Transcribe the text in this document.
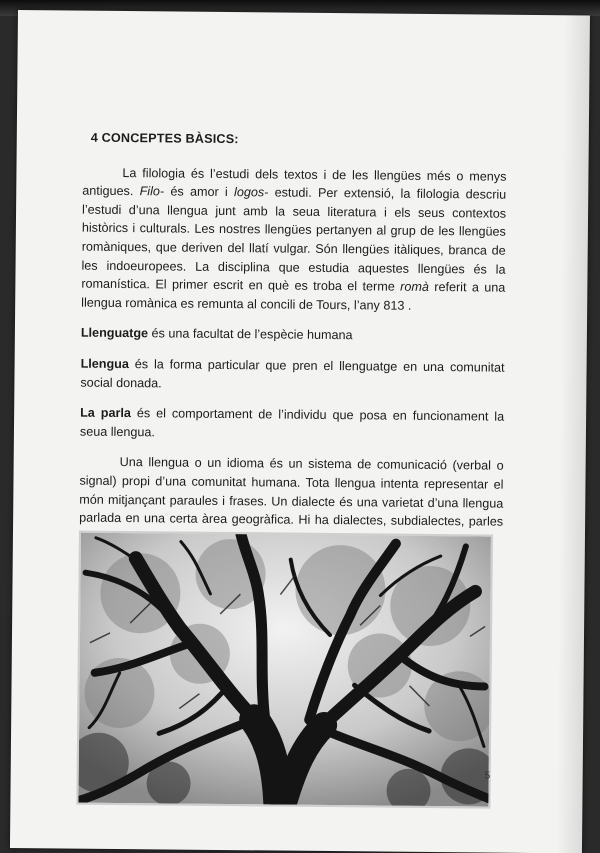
4 CONCEPTES BÀSICS:

La filologia és l’estudi dels textos i de les llengües més o menys antigues. Filo- és amor i logos- estudi. Per extensió, la filologia descriu l’estudi d’una llengua junt amb la seua literatura i els seus contextos històrics i culturals. Les nostres llengües pertanyen al grup de les llengües romàniques, que deriven del llatí vulgar. Són llengües itàliques, branca de les indoeuropees. La disciplina que estudia aquestes llengües és la romanística. El primer escrit en què es troba el terme romà referit a una llengua romànica es remunta al concili de Tours, l’any 813 .

Llenguatge és una facultat de l’espècie humana

Llengua és la forma particular que pren el llenguatge en una comunitat social donada.

La parla és el comportament de l’individu que posa en funcionament la seua llengua.

Una llengua o un idioma és un sistema de comunicació (verbal o signal) propi d’una comunitat humana. Tota llengua intenta representar el món mitjançant paraules i frases. Un dialecte és una varietat d’una llengua parlada en una certa àrea geogràfica. Hi ha dialectes, subdialectes, parles

5
